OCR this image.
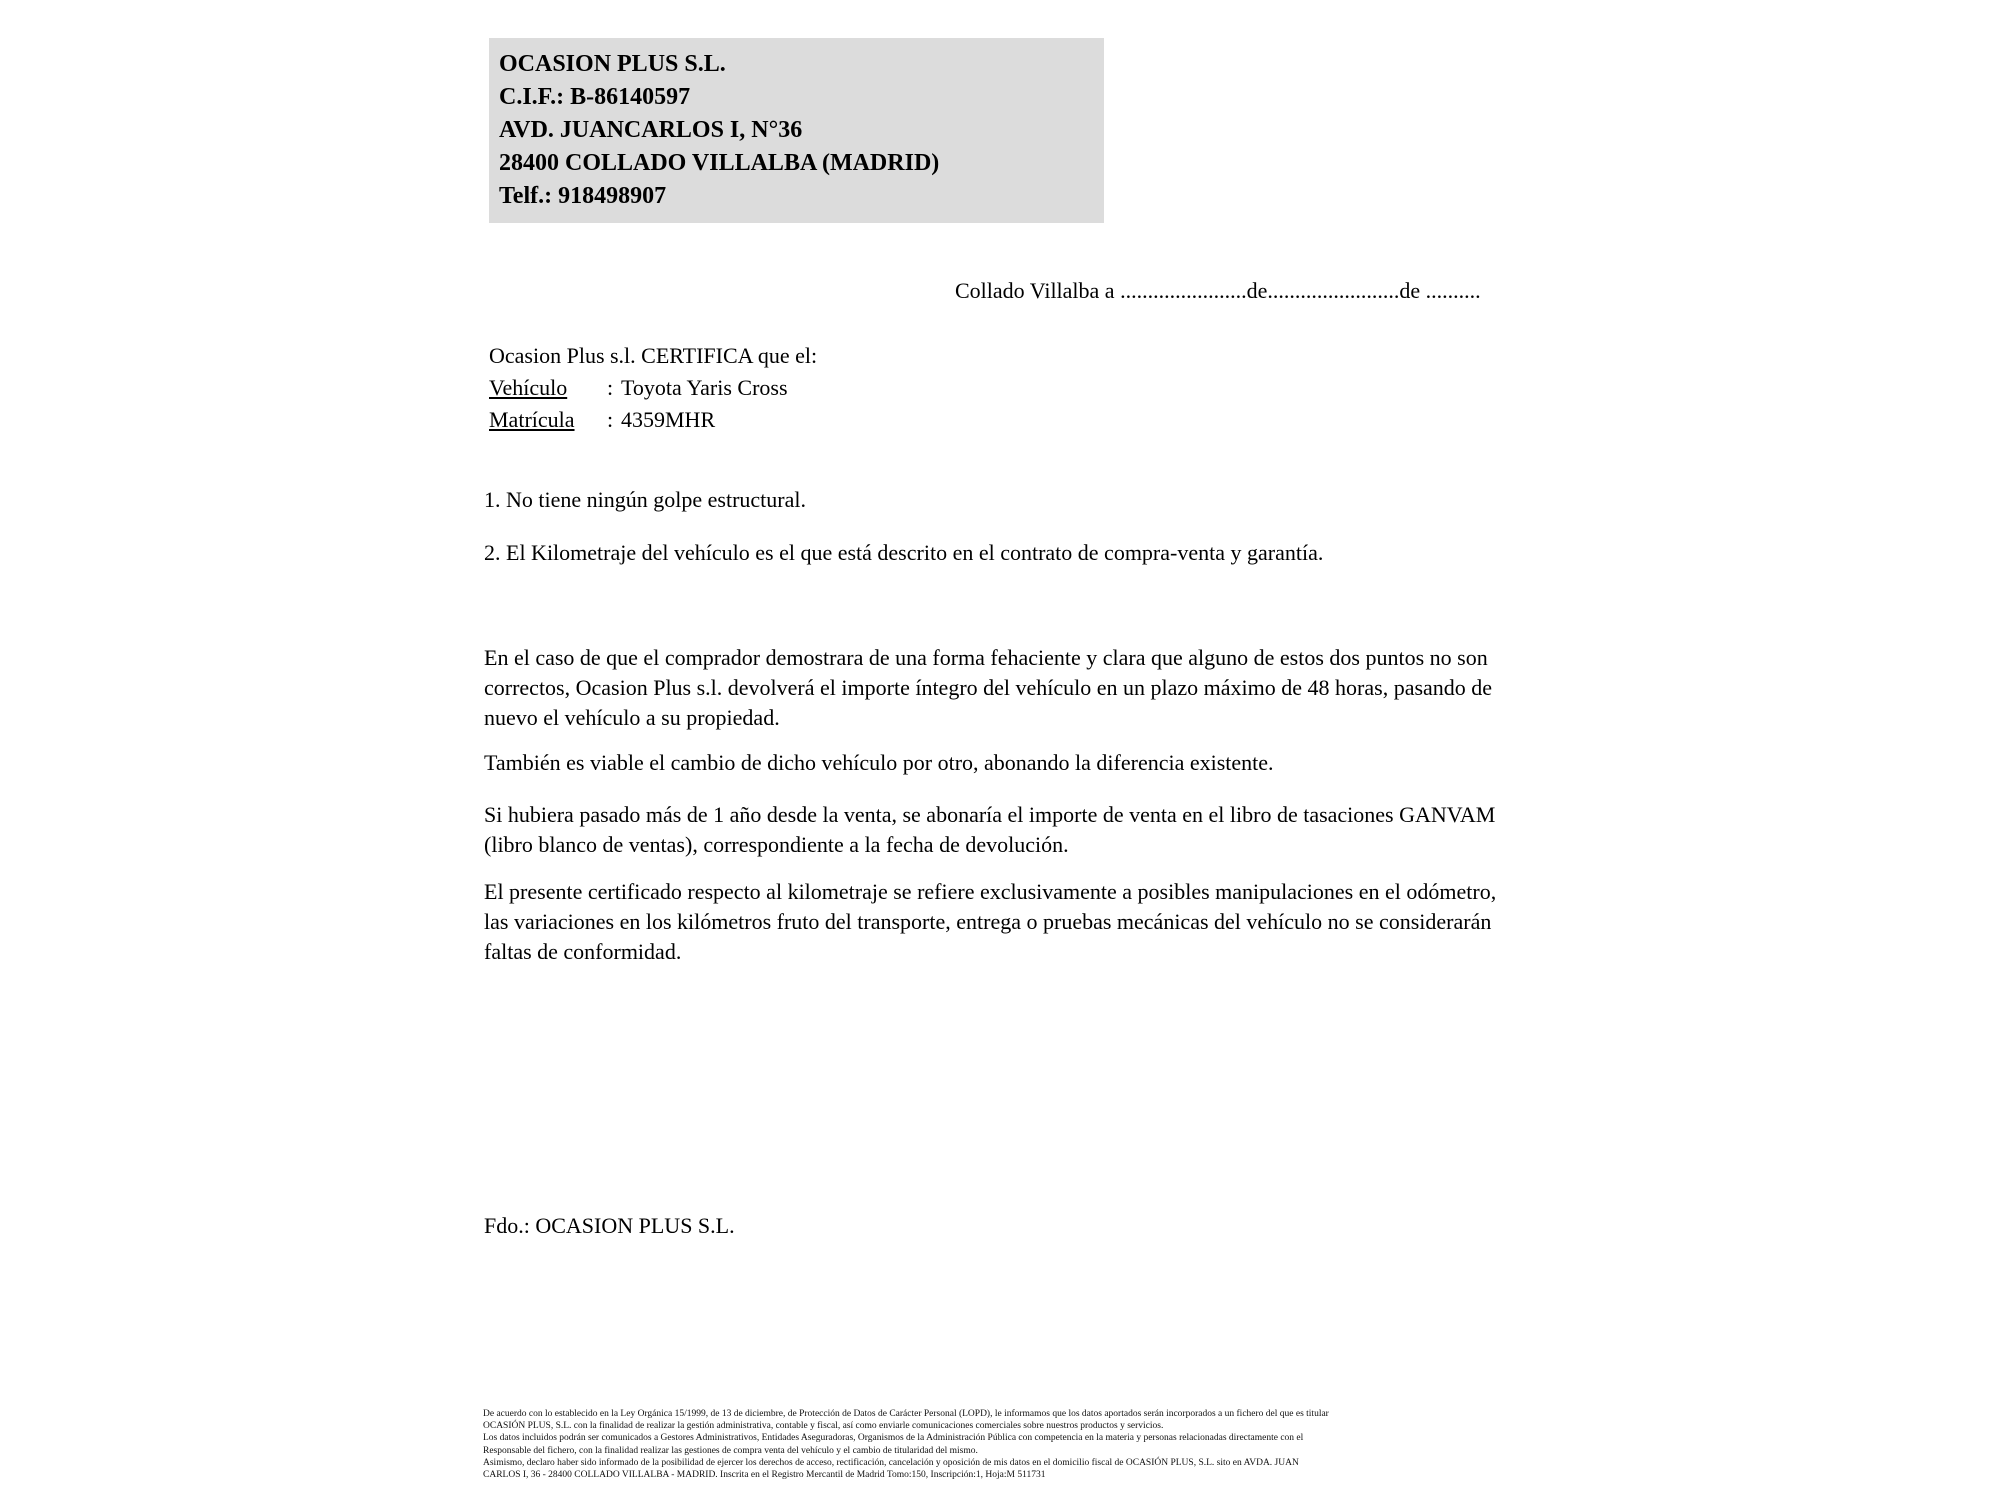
OCASION PLUS S.L.
C.I.F.: B-86140597
AVD. JUANCARLOS I, N°36
28400 COLLADO VILLALBA (MADRID)
Telf.: 918498907
Collado Villalba a .......................de........................de ..........
Ocasion Plus s.l. CERTIFICA que el:
Vehículo : Toyota Yaris Cross
Matrícula : 4359MHR
1. No tiene ningún golpe estructural.
2. El Kilometraje del vehículo es el que está descrito en el contrato de compra-venta y garantía.
En el caso de que el comprador demostrara de una forma fehaciente y clara que alguno de estos dos puntos no son correctos, Ocasion Plus s.l. devolverá el importe íntegro del vehículo en un plazo máximo de 48 horas, pasando de nuevo el vehículo a su propiedad.
También es viable el cambio de dicho vehículo por otro, abonando la diferencia existente.
Si hubiera pasado más de 1 año desde la venta, se abonaría el importe de venta en el libro de tasaciones GANVAM (libro blanco de ventas), correspondiente a la fecha de devolución.
El presente certificado respecto al kilometraje se refiere exclusivamente a posibles manipulaciones en el odómetro, las variaciones en los kilómetros fruto del transporte, entrega o pruebas mecánicas del vehículo no se considerarán faltas de conformidad.
Fdo.: OCASION PLUS S.L.

De acuerdo con lo establecido en la Ley Orgánica 15/1999, de 13 de diciembre, de Protección de Datos de Carácter Personal (LOPD), le informamos que los datos aportados serán incorporados a un fichero del que es titular

OCASIÓN PLUS, S.L. con la finalidad de realizar la gestión administrativa, contable y fiscal, así como enviarle comunicaciones comerciales sobre nuestros productos y servicios.

Los datos incluidos podrán ser comunicados a Gestores Administrativos, Entidades Aseguradoras, Organismos de la Administración Pública con competencia en la materia y personas relacionadas directamente con el

Responsable del fichero, con la finalidad realizar las gestiones de compra venta del vehículo y el cambio de titularidad del mismo.

Asimismo, declaro haber sido informado de la posibilidad de ejercer los derechos de acceso, rectificación, cancelación y oposición de mis datos en el domicilio fiscal de OCASIÓN PLUS, S.L. sito en AVDA. JUAN

CARLOS I, 36 - 28400 COLLADO VILLALBA - MADRID. Inscrita en el Registro Mercantil de Madrid Tomo:150, Inscripción:1, Hoja:M 511731
